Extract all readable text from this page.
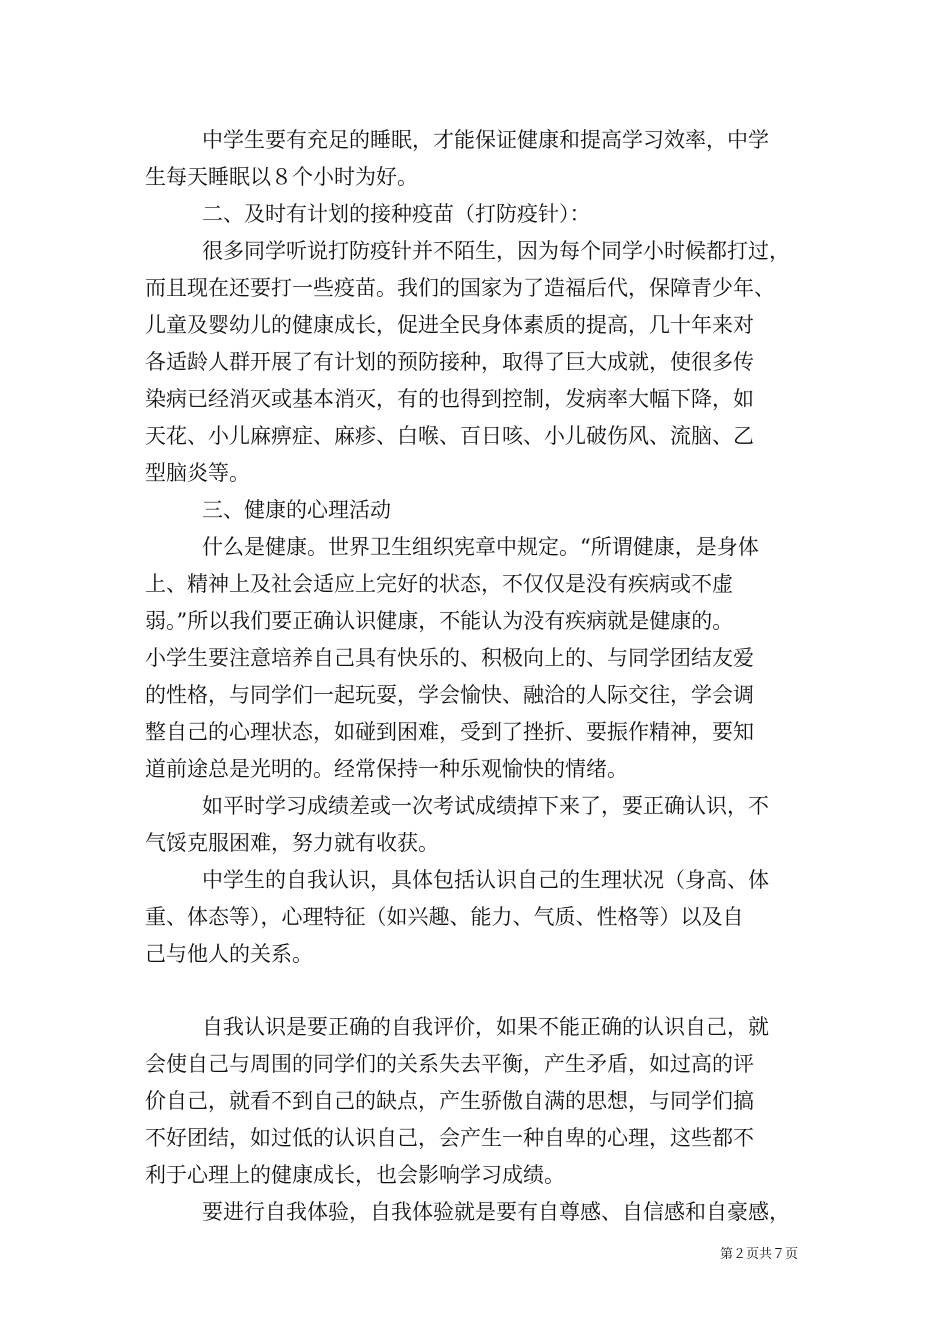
中学生要有充足的睡眠，才能保证健康和提高学习效率，中学
生每天睡眠以８个小时为好。
二、及时有计划的接种疫苗（打防疫针）：
很多同学听说打防疫针并不陌生，因为每个同学小时候都打过，
而且现在还要打一些疫苗。我们的国家为了造福后代，保障青少年、
儿童及婴幼儿的健康成长，促进全民身体素质的提高，几十年来对
各适龄人群开展了有计划的预防接种，取得了巨大成就，使很多传
染病已经消灭或基本消灭，有的也得到控制，发病率大幅下降，如
天花、小儿麻痹症、麻疹、白喉、百日咳、小儿破伤风、流脑、乙
型脑炎等。
三、健康的心理活动
什么是健康。世界卫生组织宪章中规定。“所谓健康，是身体
上、精神上及社会适应上完好的状态，不仅仅是没有疾病或不虚
弱。”所以我们要正确认识健康，不能认为没有疾病就是健康的。
小学生要注意培养自己具有快乐的、积极向上的、与同学团结友爱
的性格，与同学们一起玩耍，学会愉快、融洽的人际交往，学会调
整自己的心理状态，如碰到困难，受到了挫折、要振作精神，要知
道前途总是光明的。经常保持一种乐观愉快的情绪。
如平时学习成绩差或一次考试成绩掉下来了，要正确认识，不
气馁克服困难，努力就有收获。
中学生的自我认识，具体包括认识自己的生理状况（身高、体
重、体态等），心理特征（如兴趣、能力、气质、性格等）以及自
己与他人的关系。
自我认识是要正确的自我评价，如果不能正确的认识自己，就
会使自己与周围的同学们的关系失去平衡，产生矛盾，如过高的评
价自己，就看不到自己的缺点，产生骄傲自满的思想，与同学们搞
不好团结，如过低的认识自己，会产生一种自卑的心理，这些都不
利于心理上的健康成长，也会影响学习成绩。
要进行自我体验，自我体验就是要有自尊感、自信感和自豪感，
第２页共７页
